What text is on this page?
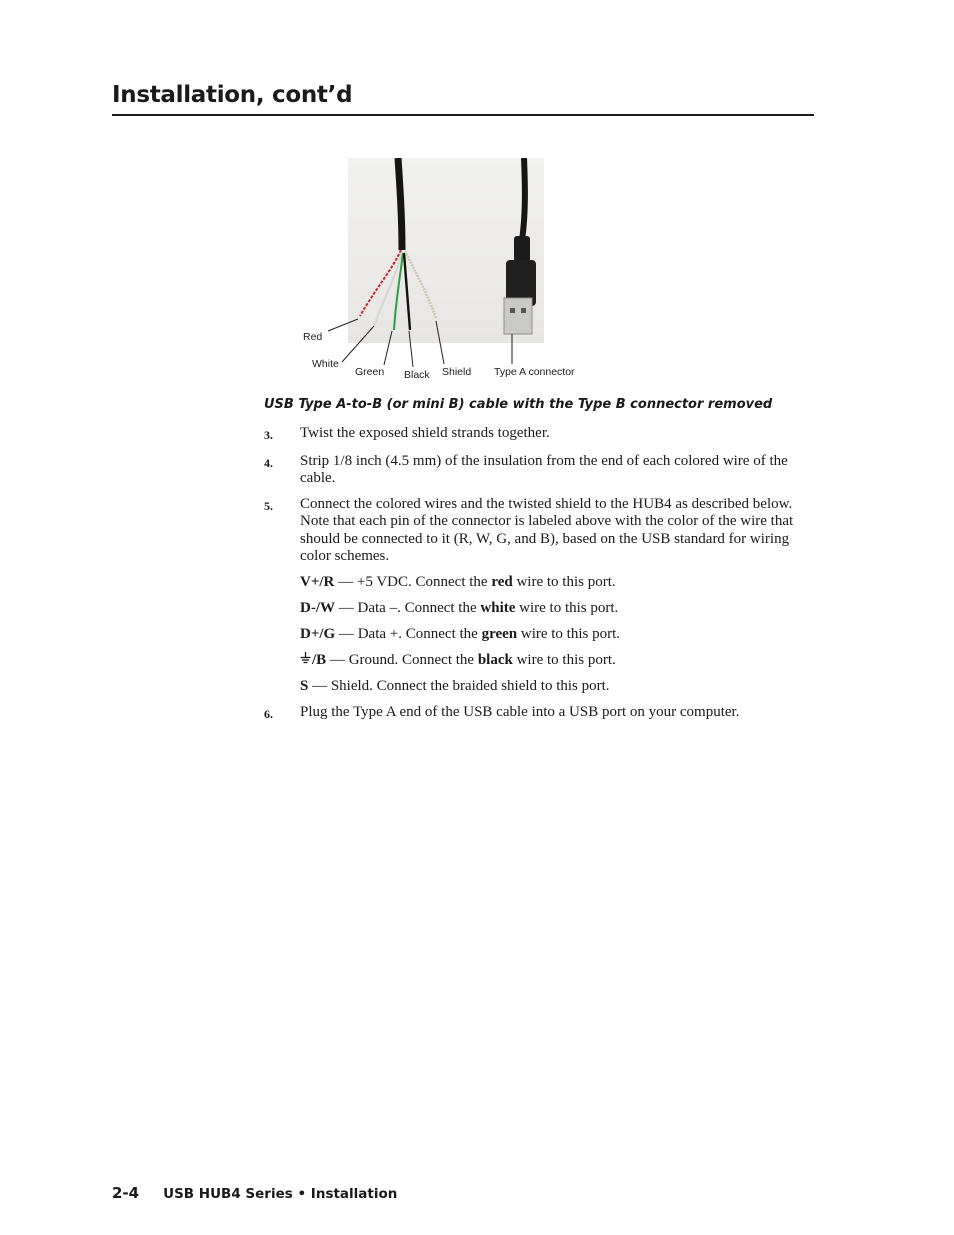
Installation, cont’d
Red
White
Green Black Shield Type A connector
USB Type A-to-B (or mini B) cable with the Type B connector removed
3.	Twist the exposed shield strands together.
4.	Strip 1/8 inch (4.5 mm) of the insulation from the end of each colored wire of the cable.
5.	Connect the colored wires and the twisted shield to the HUB4 as described below. Note that each pin of the connector is labeled above with the color of the wire that should be connected to it (R, W, G, and B), based on the USB standard for wiring color schemes.
V+/R — +5 VDC. Connect the red wire to this port.
D-/W — Data –. Connect the white wire to this port.
D+/G — Data +. Connect the green wire to this port.
/B — Ground. Connect the black wire to this port.
S — Shield. Connect the braided shield to this port.
6.	Plug the Type A end of the USB cable into a USB port on your computer.
2-4 USB HUB4 Series • Installation
